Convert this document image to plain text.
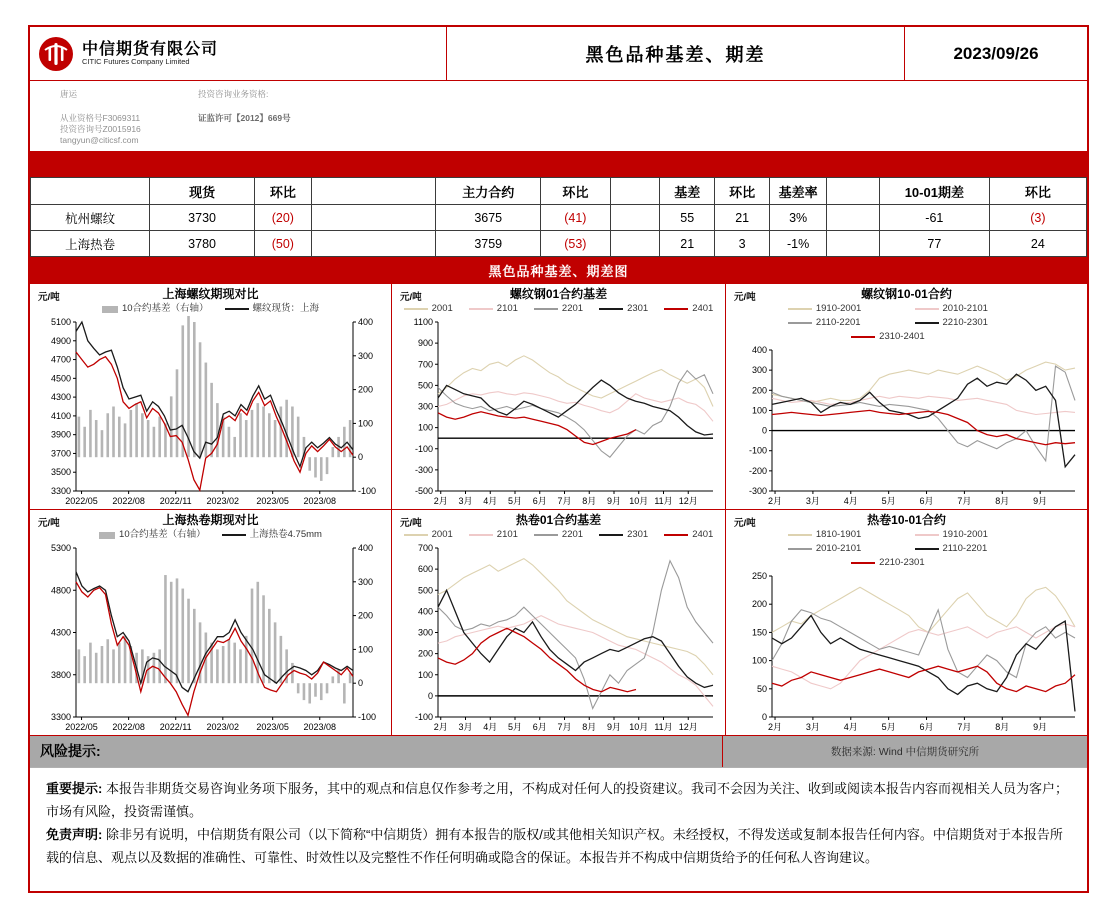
中信期货有限公司
CITIC Futures Company Limited	黑色品种基差、期差	2023/09/26
唐运
从业资格号F3069311
投资咨询号Z0015916
tangyun@citicsf.com
投资咨询业务资格:
证监许可【2012】669号
	现货	环比		主力合约	环比		基差	环比	基差率		10-01期差	环比
杭州螺纹	3730	(20)		3675	(41)		55	21	3%		-61	(3)
上海热卷	3780	(50)		3759	(53)		21	3	-1%		77	24
黑色品种基差、期差图
上海螺纹期现对比
元/吨
10合约基差（右轴）	螺纹现货：上海
3300
3500
3700
3900
4100
4300
4500
4700
4900
5100
-100
0
100
200
300
400
2022/05 2022/08 2022/11 2023/02 2023/05 2023/08
螺纹钢01合约基差
元/吨
2001	2101	2201	2301	2401
-500
-300
-100
100
300
500
700
900
1100
2月 3月 4月 5月 6月 7月 8月 9月 10月 11月 12月
螺纹钢10-01合约
元/吨
1910-2001	2010-2101
2110-2201	2210-2301
2310-2401
-300
-200
-100
0
100
200
300
400
2月	3月	4月	5月	6月	7月	8月	9月
上海热卷期现对比
元/吨
10合约基差（右轴）	上海热卷4.75mm
3300
3800
4300
4800
5300
-100
0
100
200
300
400
2022/05 2022/08 2022/11 2023/02 2023/05 2023/08
热卷01合约基差
元/吨
2001	2101	2201	2301	2401
-100
0
100
200
300
400
500
600
700
2月 3月 4月 5月 6月 7月 8月 9月 10月 11月 12月
热卷10-01合约
元/吨
1810-1901	1910-2001
2010-2101	2110-2201
2210-2301
0
50
100
150
200
250
2月	3月	4月	5月	6月	7月	8月	9月
风险提示:	数据来源: Wind 中信期货研究所
重要提示: 本报告非期货交易咨询业务项下服务，其中的观点和信息仅作参考之用，不构成对任何人的投资建议。我司不会因为关注、收到或阅读本报告内容而视相关人员为客户；市场有风险，投资需谨慎。
免责声明: 除非另有说明，中信期货有限公司（以下简称“中信期货）拥有本报告的版权/或其他相关知识产权。未经授权，不得发送或复制本报告任何内容。中信期货对于本报告所载的信息、观点以及数据的准确性、可靠性、时效性以及完整性不作任何明确或隐含的保证。本报告并不构成中信期货给予的任何私人咨询建议。
